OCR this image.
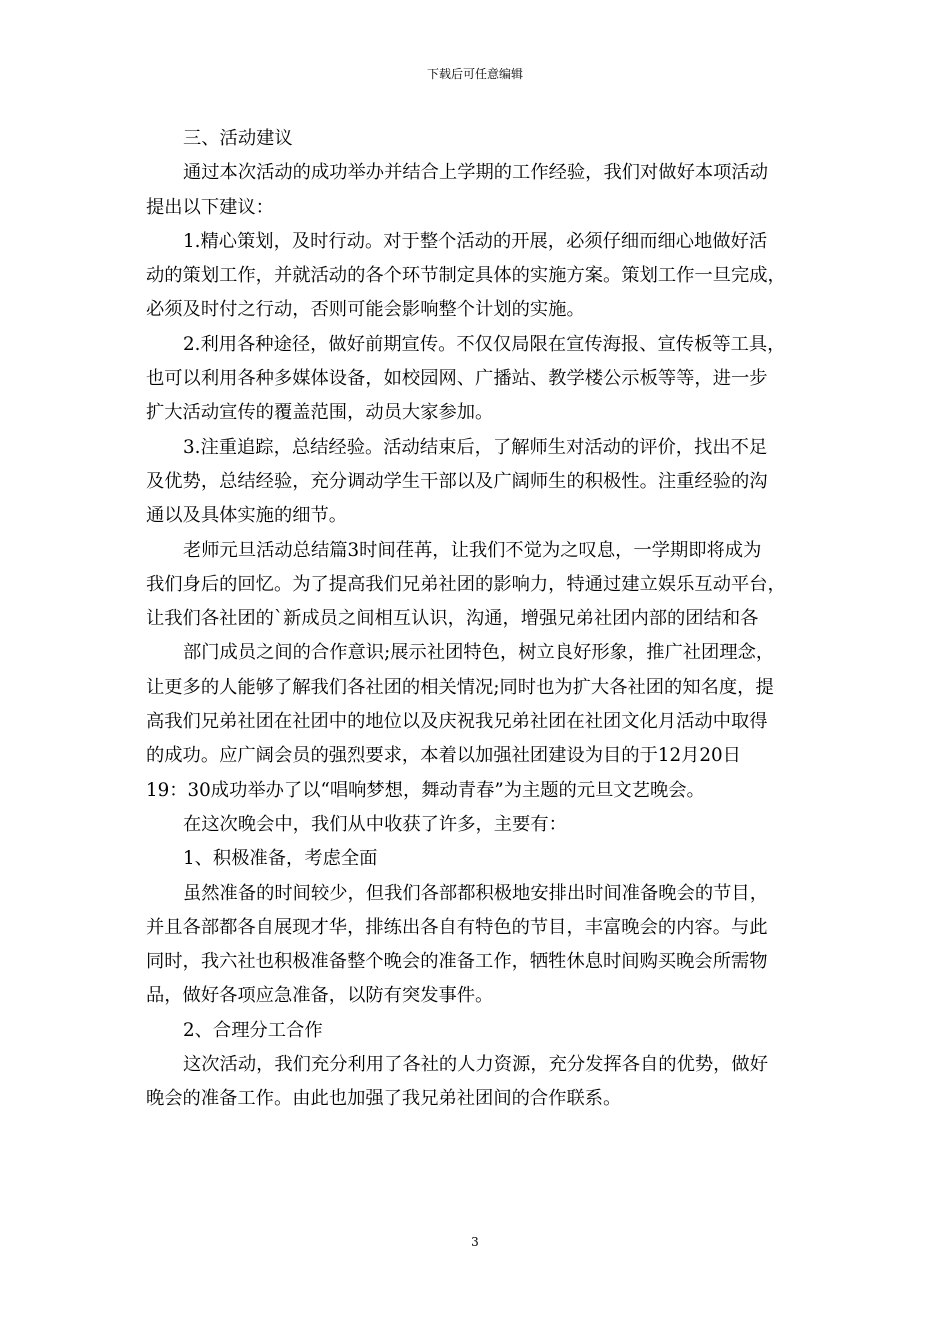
下载后可任意编辑

三、活动建议

通过本次活动的成功举办并结合上学期的工作经验，我们对做好本项活动

提出以下建议：

1.精心策划，及时行动。对于整个活动的开展，必须仔细而细心地做好活

动的策划工作，并就活动的各个环节制定具体的实施方案。策划工作一旦完成，

必须及时付之行动，否则可能会影响整个计划的实施。

2.利用各种途径，做好前期宣传。不仅仅局限在宣传海报、宣传板等工具，

也可以利用各种多媒体设备，如校园网、广播站、教学楼公示板等等，进一步

扩大活动宣传的覆盖范围，动员大家参加。

3.注重追踪，总结经验。活动结束后，了解师生对活动的评价，找出不足

及优势，总结经验，充分调动学生干部以及广阔师生的积极性。注重经验的沟

通以及具体实施的细节。

老师元旦活动总结篇3时间荏苒，让我们不觉为之叹息，一学期即将成为

我们身后的回忆。为了提高我们兄弟社团的影响力，特通过建立娱乐互动平台，

让我们各社团的`新成员之间相互认识，沟通，增强兄弟社团内部的团结和各

部门成员之间的合作意识;展示社团特色，树立良好形象，推广社团理念，

让更多的人能够了解我们各社团的相关情况;同时也为扩大各社团的知名度，提

高我们兄弟社团在社团中的地位以及庆祝我兄弟社团在社团文化月活动中取得

的成功。应广阔会员的强烈要求，本着以加强社团建设为目的于12月20日

19：30成功举办了以“唱响梦想，舞动青春”为主题的元旦文艺晚会。

在这次晚会中，我们从中收获了许多，主要有：

1、积极准备，考虑全面

虽然准备的时间较少，但我们各部都积极地安排出时间准备晚会的节目，

并且各部都各自展现才华，排练出各自有特色的节目，丰富晚会的内容。与此

同时，我六社也积极准备整个晚会的准备工作，牺牲休息时间购买晚会所需物

品，做好各项应急准备，以防有突发事件。

2、合理分工合作

这次活动，我们充分利用了各社的人力资源，充分发挥各自的优势，做好

晚会的准备工作。由此也加强了我兄弟社团间的合作联系。

3
